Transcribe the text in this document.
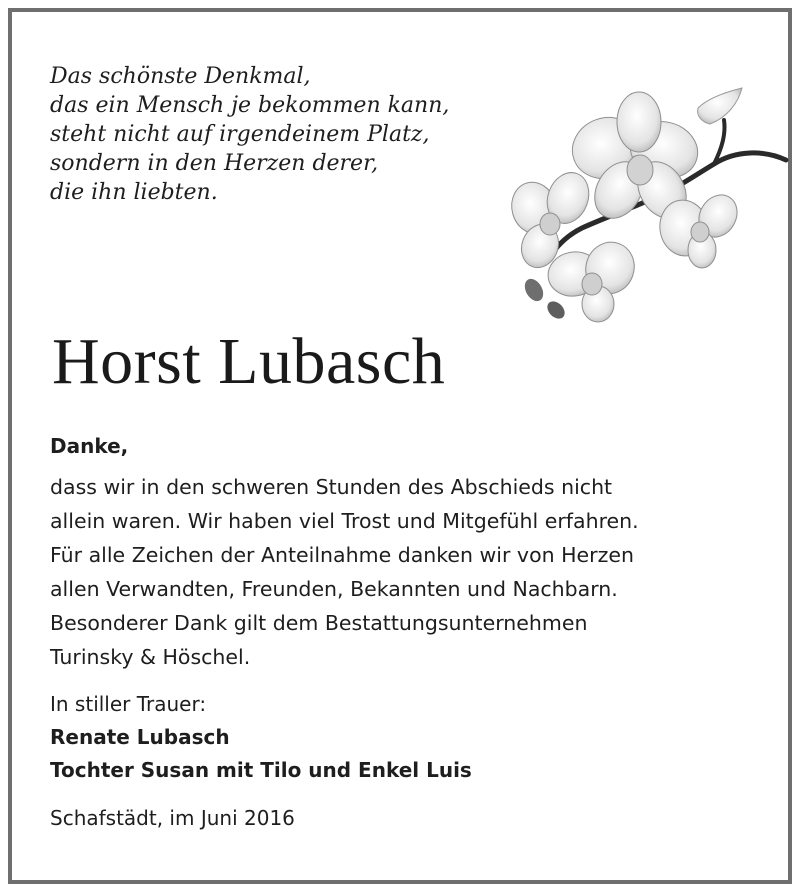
Das schönste Denkmal,
das ein Mensch je bekommen kann,
steht nicht auf irgendeinem Platz,
sondern in den Herzen derer,
die ihn liebten.
Horst Lubasch
Danke,
dass wir in den schweren Stunden des Abschieds nicht
allein waren. Wir haben viel Trost und Mitgefühl erfahren.
Für alle Zeichen der Anteilnahme danken wir von Herzen
allen Verwandten, Freunden, Bekannten und Nachbarn.
Besonderer Dank gilt dem Bestattungsunternehmen
Turinsky & Höschel.
In stiller Trauer:
Renate Lubasch
Tochter Susan mit Tilo und Enkel Luis
Schafstädt, im Juni 2016
